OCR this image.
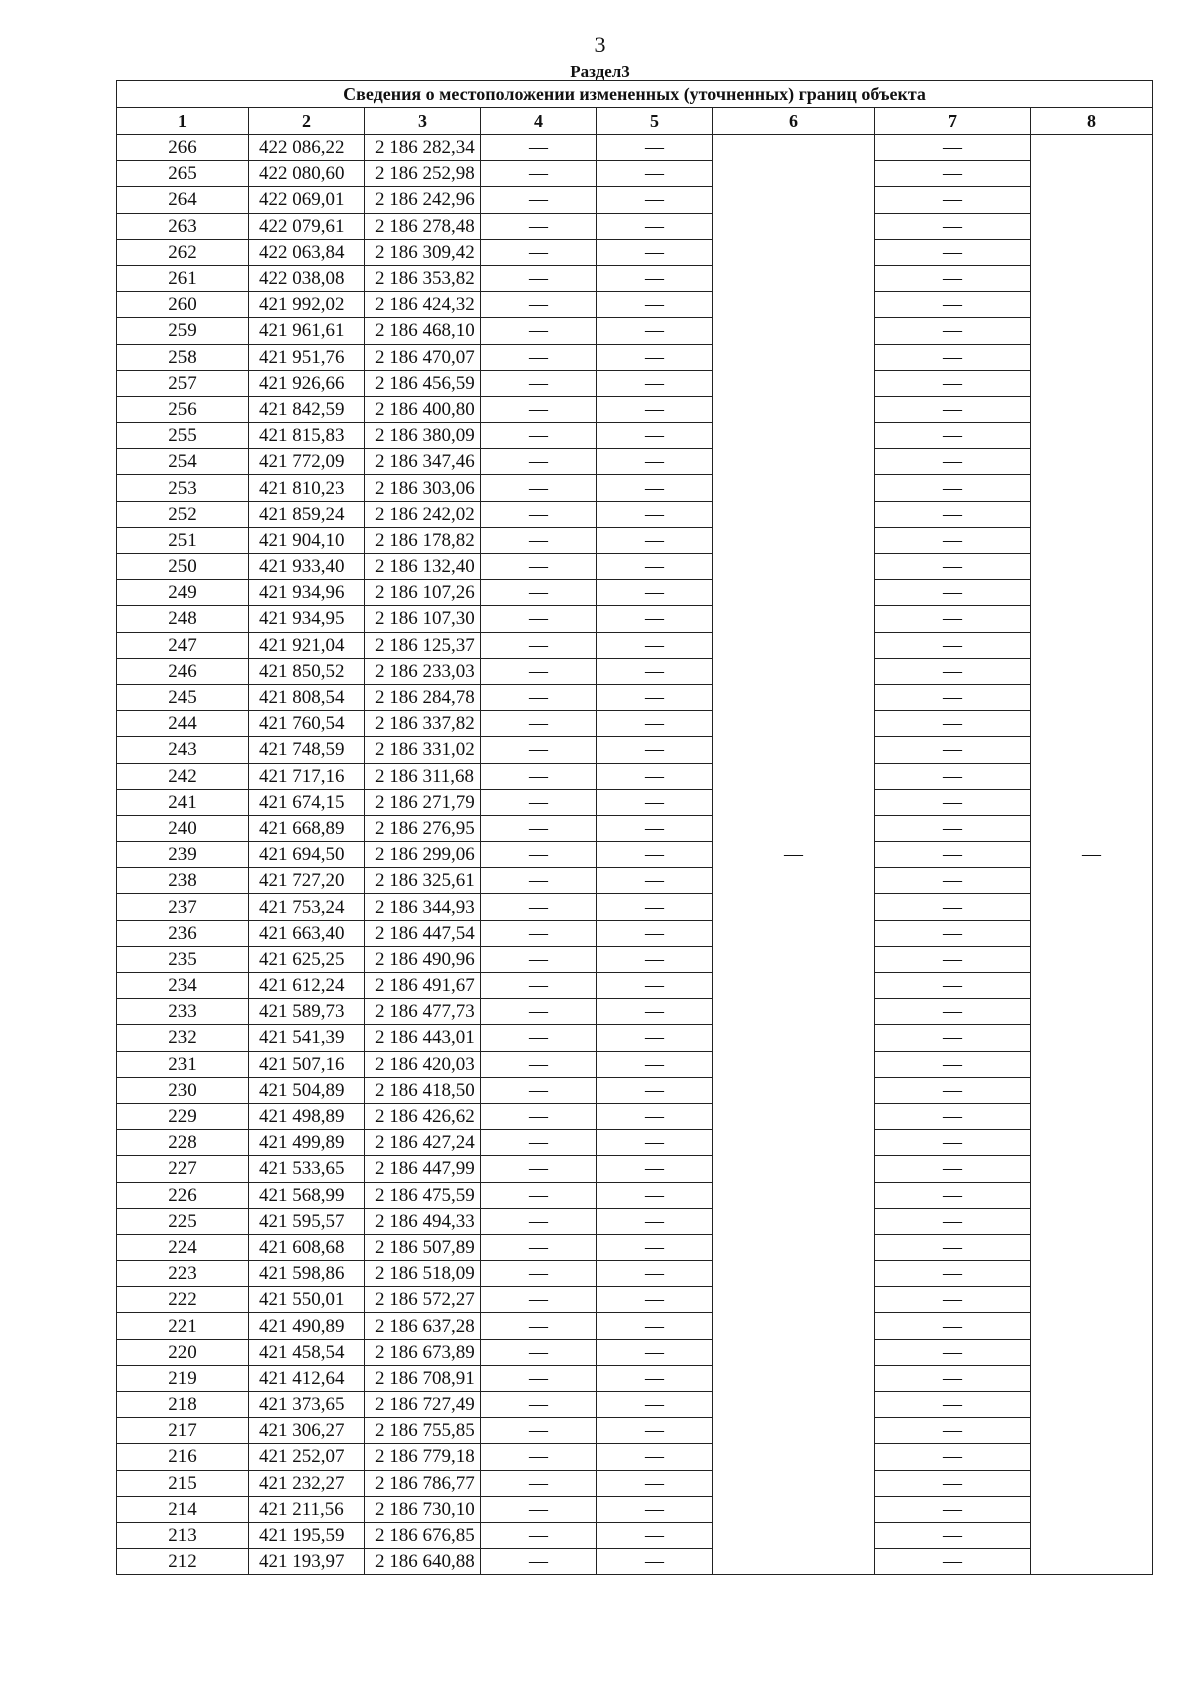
3
Раздел3
Сведения о местоположении измененных (уточненных) границ объекта							
1	2	3	4	5	6	7	8
266	422 086,22	2 186 282,34	—	—	—	—	—
265	422 080,60	2 186 252,98	—	—		—	
264	422 069,01	2 186 242,96	—	—		—	
263	422 079,61	2 186 278,48	—	—		—	
262	422 063,84	2 186 309,42	—	—		—	
261	422 038,08	2 186 353,82	—	—		—	
260	421 992,02	2 186 424,32	—	—		—	
259	421 961,61	2 186 468,10	—	—		—	
258	421 951,76	2 186 470,07	—	—		—	
257	421 926,66	2 186 456,59	—	—		—	
256	421 842,59	2 186 400,80	—	—		—	
255	421 815,83	2 186 380,09	—	—		—	
254	421 772,09	2 186 347,46	—	—		—	
253	421 810,23	2 186 303,06	—	—		—	
252	421 859,24	2 186 242,02	—	—		—	
251	421 904,10	2 186 178,82	—	—		—	
250	421 933,40	2 186 132,40	—	—		—	
249	421 934,96	2 186 107,26	—	—		—	
248	421 934,95	2 186 107,30	—	—		—	
247	421 921,04	2 186 125,37	—	—		—	
246	421 850,52	2 186 233,03	—	—		—	
245	421 808,54	2 186 284,78	—	—		—	
244	421 760,54	2 186 337,82	—	—		—	
243	421 748,59	2 186 331,02	—	—		—	
242	421 717,16	2 186 311,68	—	—		—	
241	421 674,15	2 186 271,79	—	—		—	
240	421 668,89	2 186 276,95	—	—		—	
239	421 694,50	2 186 299,06	—	—		—	
238	421 727,20	2 186 325,61	—	—		—	
237	421 753,24	2 186 344,93	—	—		—	
236	421 663,40	2 186 447,54	—	—		—	
235	421 625,25	2 186 490,96	—	—		—	
234	421 612,24	2 186 491,67	—	—		—	
233	421 589,73	2 186 477,73	—	—		—	
232	421 541,39	2 186 443,01	—	—		—	
231	421 507,16	2 186 420,03	—	—		—	
230	421 504,89	2 186 418,50	—	—		—	
229	421 498,89	2 186 426,62	—	—		—	
228	421 499,89	2 186 427,24	—	—		—	
227	421 533,65	2 186 447,99	—	—		—	
226	421 568,99	2 186 475,59	—	—		—	
225	421 595,57	2 186 494,33	—	—		—	
224	421 608,68	2 186 507,89	—	—		—	
223	421 598,86	2 186 518,09	—	—		—	
222	421 550,01	2 186 572,27	—	—		—	
221	421 490,89	2 186 637,28	—	—		—	
220	421 458,54	2 186 673,89	—	—		—	
219	421 412,64	2 186 708,91	—	—		—	
218	421 373,65	2 186 727,49	—	—		—	
217	421 306,27	2 186 755,85	—	—		—	
216	421 252,07	2 186 779,18	—	—		—	
215	421 232,27	2 186 786,77	—	—		—	
214	421 211,56	2 186 730,10	—	—		—	
213	421 195,59	2 186 676,85	—	—		—	
212	421 193,97	2 186 640,88	—	—		—	
